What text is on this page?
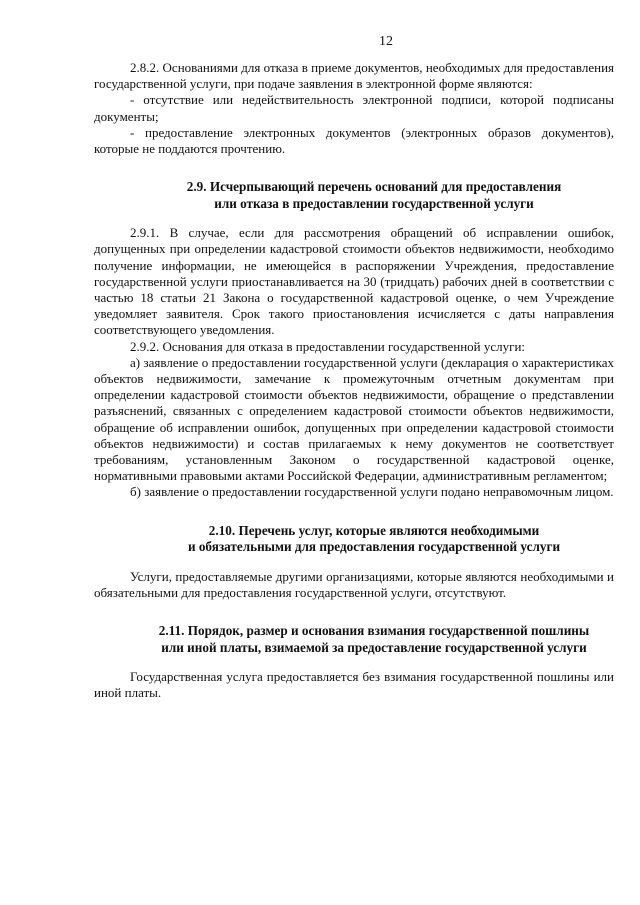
12

2.8.2. Основаниями для отказа в приеме документов, необходимых для предоставления государственной услуги, при подаче заявления в электронной форме являются:

- отсутствие или недействительность электронной подписи, которой подписаны документы;

- предоставление электронных документов (электронных образов документов), которые не поддаются прочтению.

2.9. Исчерпывающий перечень оснований для предоставления
или отказа в предоставлении государственной услуги

2.9.1. В случае, если для рассмотрения обращений об исправлении ошибок, допущенных при определении кадастровой стоимости объектов недвижимости, необходимо получение информации, не имеющейся в распоряжении Учреждения, предоставление государственной услуги приостанавливается на 30 (тридцать) рабочих дней в соответствии с частью 18 статьи 21 Закона о государственной кадастровой оценке, о чем Учреждение уведомляет заявителя. Срок такого приостановления исчисляется с даты направления соответствующего уведомления.

2.9.2. Основания для отказа в предоставлении государственной услуги:

а) заявление о предоставлении государственной услуги (декларация о характеристиках объектов недвижимости, замечание к промежуточным отчетным документам при определении кадастровой стоимости объектов недвижимости, обращение о представлении разъяснений, связанных с определением кадастровой стоимости объектов недвижимости, обращение об исправлении ошибок, допущенных при определении кадастровой стоимости объектов недвижимости) и состав прилагаемых к нему документов не соответствует требованиям, установленным Законом о государственной кадастровой оценке, нормативными правовыми актами Российской Федерации, административным регламентом;

б) заявление о предоставлении государственной услуги подано неправомочным лицом.

2.10. Перечень услуг, которые являются необходимыми
и обязательными для предоставления государственной услуги

Услуги, предоставляемые другими организациями, которые являются необходимыми и обязательными для предоставления государственной услуги, отсутствуют.

2.11. Порядок, размер и основания взимания государственной пошлины
или иной платы, взимаемой за предоставление государственной услуги

Государственная услуга предоставляется без взимания государственной пошлины или иной платы.
